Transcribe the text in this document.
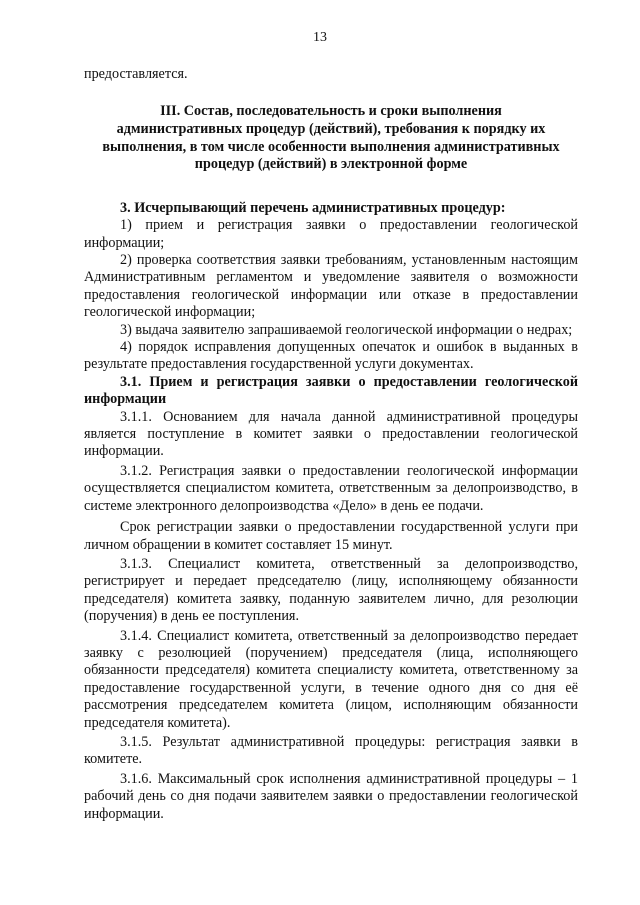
13

предоставляется.

III. Состав, последовательность и сроки выполнения административных процедур (действий), требования к порядку их выполнения, в том числе особенности выполнения административных процедур (действий) в электронной форме

3. Исчерпывающий перечень административных процедур:

1) прием и регистрация заявки о предоставлении геологической информации;

2) проверка соответствия заявки требованиям, установленным настоящим Административным регламентом и уведомление заявителя о возможности предоставления геологической информации или отказе в предоставлении геологической информации;

3) выдача заявителю запрашиваемой геологической информации о недрах;

4) порядок исправления допущенных опечаток и ошибок в выданных в результате предоставления государственной услуги документах.

3.1. Прием и регистрация заявки о предоставлении геологической информации

3.1.1. Основанием для начала данной административной процедуры является поступление в комитет заявки о предоставлении геологической информации.

3.1.2. Регистрация заявки о предоставлении геологической информации осуществляется специалистом комитета, ответственным за делопроизводство, в системе электронного делопроизводства «Дело» в день ее подачи.

Срок регистрации заявки о предоставлении государственной услуги при личном обращении в комитет составляет 15 минут.

3.1.3. Специалист комитета, ответственный за делопроизводство, регистрирует и передает председателю (лицу, исполняющему обязанности председателя) комитета заявку, поданную заявителем лично, для резолюции (поручения) в день ее поступления.

3.1.4. Специалист комитета, ответственный за делопроизводство передает заявку с резолюцией (поручением) председателя (лица, исполняющего обязанности председателя) комитета специалисту комитета, ответственному за предоставление государственной услуги, в течение одного дня со дня её рассмотрения председателем комитета (лицом, исполняющим обязанности председателя комитета).

3.1.5. Результат административной процедуры: регистрация заявки в комитете.

3.1.6. Максимальный срок исполнения административной процедуры – 1 рабочий день со дня подачи заявителем заявки о предоставлении геологической информации.
